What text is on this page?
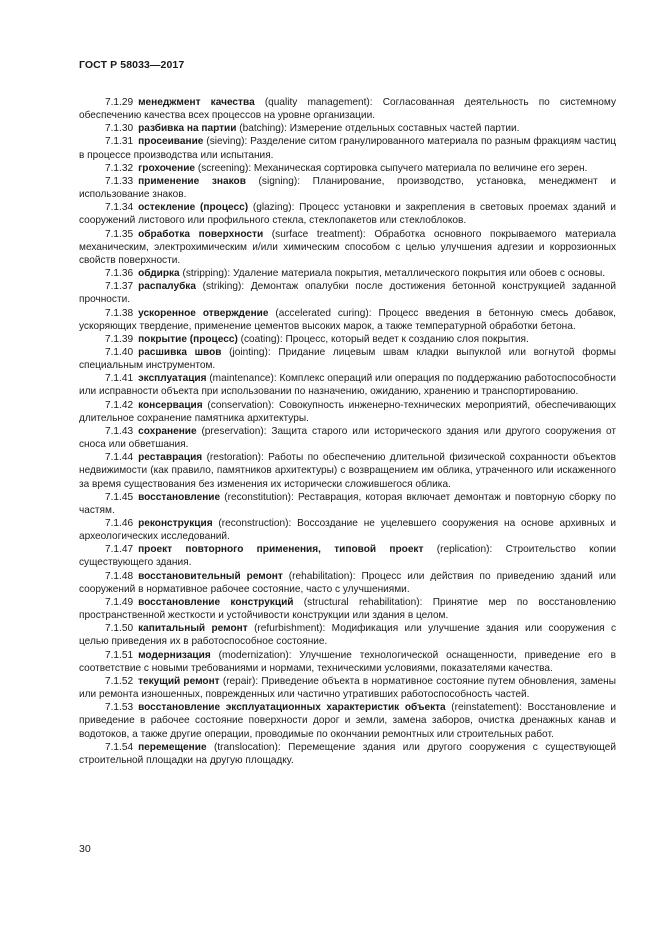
ГОСТ Р 58033—2017

7.1.29 менеджмент качества (quality management): Согласованная деятельность по системному обеспечению качества всех процессов на уровне организации.

7.1.30 разбивка на партии (batching): Измерение отдельных составных частей партии.

7.1.31 просеивание (sieving): Разделение ситом гранулированного материала по разным фракциям частиц в процессе производства или испытания.

7.1.32 грохочение (screening): Механическая сортировка сыпучего материала по величине его зерен.

7.1.33 применение знаков (signing): Планирование, производство, установка, менеджмент и использование знаков.

7.1.34 остекление (процесс) (glazing): Процесс установки и закрепления в световых проемах зданий и сооружений листового или профильного стекла, стеклопакетов или стеклоблоков.

7.1.35 обработка поверхности (surface treatment): Обработка основного покрываемого материала механическим, электрохимическим и/или химическим способом с целью улучшения адгезии и коррозионных свойств поверхности.

7.1.36 обдирка (stripping): Удаление материала покрытия, металлического покрытия или обоев с основы.

7.1.37 распалубка (striking): Демонтаж опалубки после достижения бетонной конструкцией заданной прочности.

7.1.38 ускоренное отверждение (accelerated curing): Процесс введения в бетонную смесь добавок, ускоряющих твердение, применение цементов высоких марок, а также температурной обработки бетона.

7.1.39 покрытие (процесс) (coating): Процесс, который ведет к созданию слоя покрытия.

7.1.40 расшивка швов (jointing): Придание лицевым швам кладки выпуклой или вогнутой формы специальным инструментом.

7.1.41 эксплуатация (maintenance): Комплекс операций или операция по поддержанию работоспособности или исправности объекта при использовании по назначению, ожиданию, хранению и транспортированию.

7.1.42 консервация (conservation): Совокупность инженерно-технических мероприятий, обеспечивающих длительное сохранение памятника архитектуры.

7.1.43 сохранение (preservation): Защита старого или исторического здания или другого сооружения от сноса или обветшания.

7.1.44 реставрация (restoration): Работы по обеспечению длительной физической сохранности объектов недвижимости (как правило, памятников архитектуры) с возвращением им облика, утраченного или искаженного за время существования без изменения их исторически сложившегося облика.

7.1.45 восстановление (reconstitution): Реставрация, которая включает демонтаж и повторную сборку по частям.

7.1.46 реконструкция (reconstruction): Воссоздание не уцелевшего сооружения на основе архивных и археологических исследований.

7.1.47 проект повторного применения, типовой проект (replication): Строительство копии существующего здания.

7.1.48 восстановительный ремонт (rehabilitation): Процесс или действия по приведению зданий или сооружений в нормативное рабочее состояние, часто с улучшениями.

7.1.49 восстановление конструкций (structural rehabilitation): Принятие мер по восстановлению пространственной жесткости и устойчивости конструкции или здания в целом.

7.1.50 капитальный ремонт (refurbishment): Модификация или улучшение здания или сооружения с целью приведения их в работоспособное состояние.

7.1.51 модернизация (modernization): Улучшение технологической оснащенности, приведение его в соответствие с новыми требованиями и нормами, техническими условиями, показателями качества.

7.1.52 текущий ремонт (repair): Приведение объекта в нормативное состояние путем обновления, замены или ремонта изношенных, поврежденных или частично утративших работоспособность частей.

7.1.53 восстановление эксплуатационных характеристик объекта (reinstatement): Восстановление и приведение в рабочее состояние поверхности дорог и земли, замена заборов, очистка дренажных канав и водотоков, а также другие операции, проводимые по окончании ремонтных или строительных работ.

7.1.54 перемещение (translocation): Перемещение здания или другого сооружения с существующей строительной площадки на другую площадку.

30
